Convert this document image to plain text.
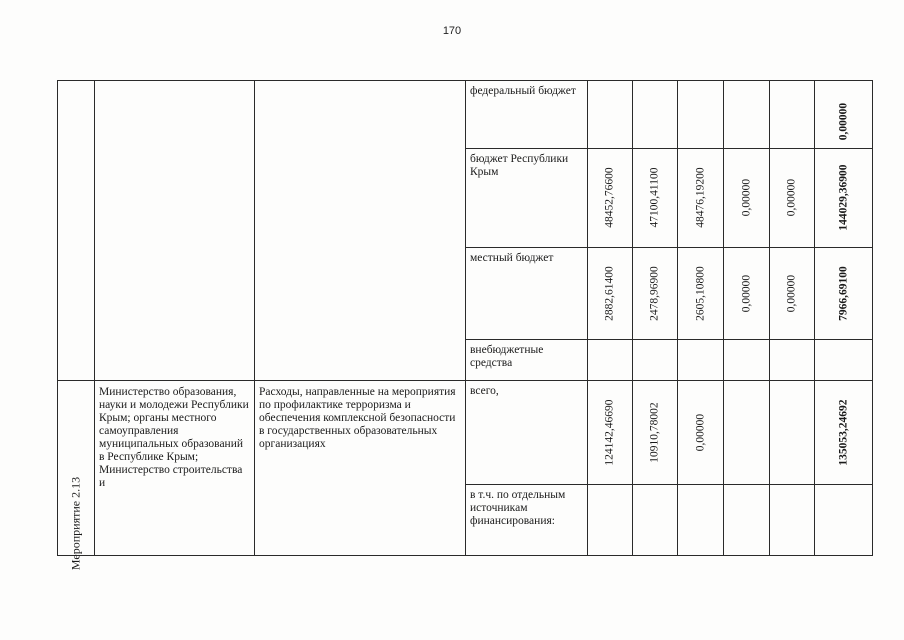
170

			федеральный бюджет						0,00000

			бюджет Республики Крым	48452,76600	47100,41100	48476,19200	0,00000	0,00000	144029,36900

			местный бюджет	2882,61400	2478,96900	2605,10800	0,00000	0,00000	7966,69100

			внебюджетные средства						

Мероприятие 2.13	Министерство образования, науки и молодежи Республики Крым; органы местного самоуправления муниципальных образований в Республике Крым; Министерство строительства и	Расходы, направленные на мероприятия по профилактике терроризма и обеспечения комплексной безопасности в государственных образовательных организациях	всего,	124142,46690	10910,78002	0,00000			135053,24692

			в т.ч. по отдельным источникам финансирования:						
